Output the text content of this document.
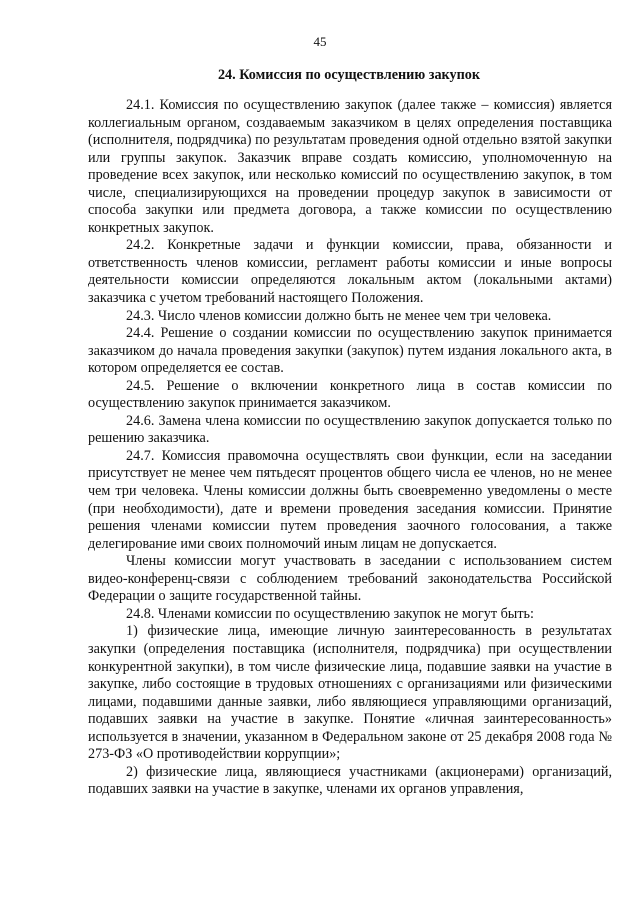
45
24. Комиссия по осуществлению закупок

24.1. Комиссия по осуществлению закупок (далее также – комиссия) является коллегиальным органом, создаваемым заказчиком в целях определения поставщика (исполнителя, подрядчика) по результатам проведения одной отдельно взятой закупки или группы закупок. Заказчик вправе создать комиссию, уполномоченную на проведение всех закупок, или несколько комиссий по осуществлению закупок, в том числе, специализирующихся на проведении процедур закупок в зависимости от способа закупки или предмета договора, а также комиссии по осуществлению конкретных закупок.

24.2. Конкретные задачи и функции комиссии, права, обязанности и ответственность членов комиссии, регламент работы комиссии и иные вопросы деятельности комиссии определяются локальным актом (локальными актами) заказчика с учетом требований настоящего Положения.

24.3. Число членов комиссии должно быть не менее чем три человека.

24.4. Решение о создании комиссии по осуществлению закупок принимается заказчиком до начала проведения закупки (закупок) путем издания локального акта, в котором определяется ее состав.

24.5. Решение о включении конкретного лица в состав комиссии по осуществлению закупок принимается заказчиком.

24.6. Замена члена комиссии по осуществлению закупок допускается только по решению заказчика.

24.7. Комиссия правомочна осуществлять свои функции, если на заседании присутствует не менее чем пятьдесят процентов общего числа ее членов, но не менее чем три человека. Члены комиссии должны быть своевременно уведомлены о месте (при необходимости), дате и времени проведения заседания комиссии. Принятие решения членами комиссии путем проведения заочного голосования, а также делегирование ими своих полномочий иным лицам не допускается.

Члены комиссии могут участвовать в заседании с использованием систем видео-конференц-связи с соблюдением требований законодательства Российской Федерации о защите государственной тайны.

24.8. Членами комиссии по осуществлению закупок не могут быть:

1) физические лица, имеющие личную заинтересованность в результатах закупки (определения поставщика (исполнителя, подрядчика) при осуществлении конкурентной закупки), в том числе физические лица, подавшие заявки на участие в закупке, либо состоящие в трудовых отношениях с организациями или физическими лицами, подавшими данные заявки, либо являющиеся управляющими организаций, подавших заявки на участие в закупке. Понятие «личная заинтересованность» используется в значении, указанном в Федеральном законе от 25 декабря 2008 года № 273-ФЗ «О противодействии коррупции»;

2) физические лица, являющиеся участниками (акционерами) организаций, подавших заявки на участие в закупке, членами их органов управления,
